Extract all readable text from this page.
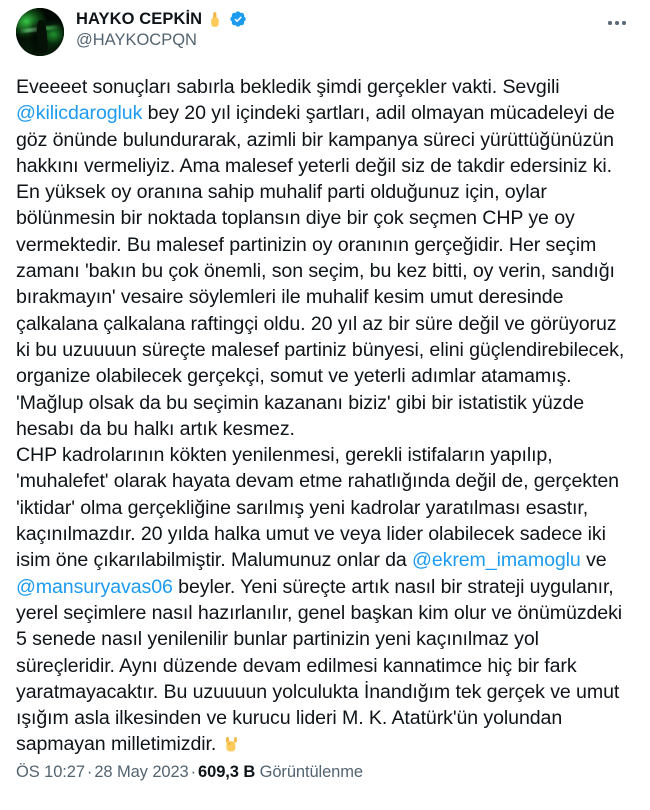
HAYKO CEPKİN
@HAYKOCPQN
Eveeeet sonuçları sabırla bekledik şimdi gerçekler vakti. Sevgili @kilicdarogluk bey 20 yıl içindeki şartları, adil olmayan mücadeleyi de göz önünde bulundurarak, azimli bir kampanya süreci yürüttüğünüzün hakkını vermeliyiz. Ama malesef yeterli değil siz de takdir edersiniz ki. En yüksek oy oranına sahip muhalif parti olduğunuz için, oylar bölünmesin bir noktada toplansın diye bir çok seçmen CHP ye oy vermektedir. Bu malesef partinizin oy oranının gerçeğidir. Her seçim zamanı 'bakın bu çok önemli, son seçim, bu kez bitti, oy verin, sandığı bırakmayın' vesaire söylemleri ile muhalif kesim umut deresinde çalkalana çalkalana raftingçi oldu. 20 yıl az bir süre değil ve görüyoruz ki bu uzuuuun süreçte malesef partiniz bünyesi, elini güçlendirebilecek, organize olabilecek gerçekçi, somut ve yeterli adımlar atamamış. 'Mağlup olsak da bu seçimin kazananı biziz' gibi bir istatistik yüzde hesabı da bu halkı artık kesmez.
CHP kadrolarının kökten yenilenmesi, gerekli istifaların yapılıp, 'muhalefet' olarak hayata devam etme rahatlığında değil de, gerçekten 'iktidar' olma gerçekliğine sarılmış yeni kadrolar yaratılması esastır, kaçınılmazdır. 20 yılda halka umut ve veya lider olabilecek sadece iki isim öne çıkarılabilmiştir. Malumunuz onlar da @ekrem_imamoglu ve @mansuryavas06 beyler. Yeni süreçte artık nasıl bir strateji uygulanır, yerel seçimlere nasıl hazırlanılır, genel başkan kim olur ve önümüzdeki 5 senede nasıl yenilenilir bunlar partinizin yeni kaçınılmaz yol süreçleridir. Aynı düzende devam edilmesi kannatimce hiç bir fark yaratmayacaktır. Bu uzuuuun yolculukta İnandığım tek gerçek ve umut ışığım asla ilkesinden ve kurucu lideri M. K. Atatürk'ün yolundan sapmayan milletimizdir.
ÖS 10:27 · 28 May 2023 · 609,3 B Görüntülenme
